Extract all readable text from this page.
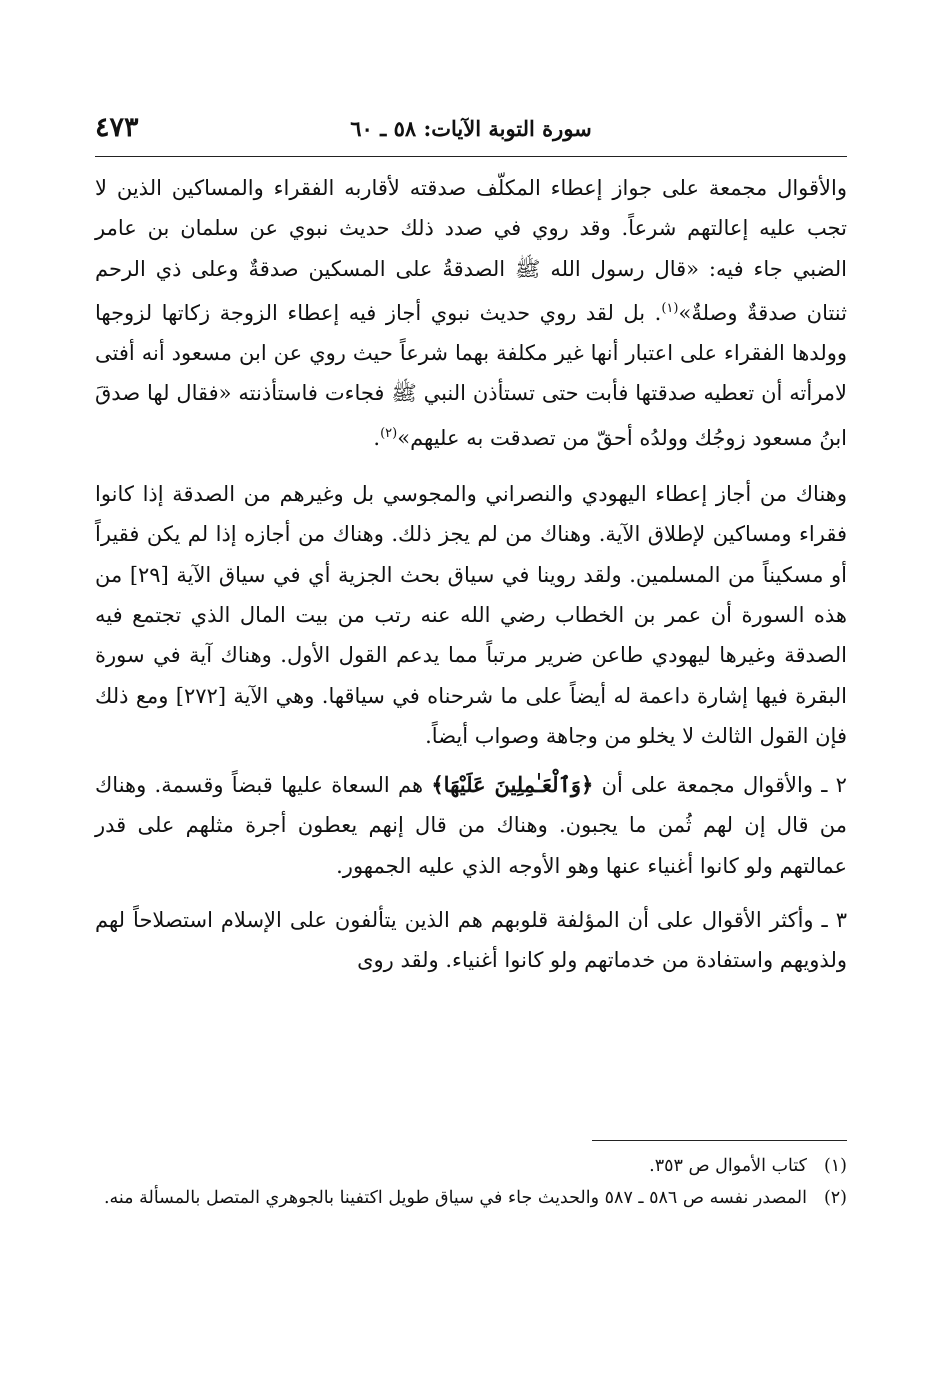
سورة التوبة الآيات: ٥٨ ـ ٦٠
٤٧٣

والأقوال مجمعة على جواز إعطاء المكلّف صدقته لأقاربه الفقراء والمساكين الذين لا تجب عليه إعالتهم شرعاً. وقد روي في صدد ذلك حديث نبوي عن سلمان بن عامر الضبي جاء فيه: «قال رسول الله ﷺ الصدقةُ على المسكين صدقةٌ وعلى ذي الرحم ثنتان صدقةٌ وصلةٌ»$^{(١)}$. بل لقد روي حديث نبوي أجاز فيه إعطاء الزوجة زكاتها لزوجها وولدها الفقراء على اعتبار أنها غير مكلفة بهما شرعاً حيث روي عن ابن مسعود أنه أفتى لامرأته أن تعطيه صدقتها فأبت حتى تستأذن النبي ﷺ فجاءت فاستأذنته «فقال لها صدقَ ابنُ مسعود زوجُك وولدُه أحقّ من تصدقت به عليهم»$^{(٢)}$.

وهناك من أجاز إعطاء اليهودي والنصراني والمجوسي بل وغيرهم من الصدقة إذا كانوا فقراء ومساكين لإطلاق الآية. وهناك من لم يجز ذلك. وهناك من أجازه إذا لم يكن فقيراً أو مسكيناً من المسلمين. ولقد روينا في سياق بحث الجزية أي في سياق الآية [٢٩] من هذه السورة أن عمر بن الخطاب رضي الله عنه رتب من بيت المال الذي تجتمع فيه الصدقة وغيرها ليهودي طاعن ضرير مرتباً مما يدعم القول الأول. وهناك آية في سورة البقرة فيها إشارة داعمة له أيضاً على ما شرحناه في سياقها. وهي الآية [٢٧٢] ومع ذلك فإن القول الثالث لا يخلو من وجاهة وصواب أيضاً.

٢ ـ والأقوال مجمعة على أن ﴿وَٱلْعَـٰمِلِينَ عَلَيْهَا﴾ هم السعاة عليها قبضاً وقسمة. وهناك من قال إن لهم ثُمن ما يجبون. وهناك من قال إنهم يعطون أجرة مثلهم على قدر عمالتهم ولو كانوا أغنياء عنها وهو الأوجه الذي عليه الجمهور.

٣ ـ وأكثر الأقوال على أن المؤلفة قلوبهم هم الذين يتألفون على الإسلام استصلاحاً لهم ولذويهم واستفادة من خدماتهم ولو كانوا أغنياء. ولقد روى

(١)كتاب الأموال ص ٣٥٣.

(٢)المصدر نفسه ص ٥٨٦ ـ ٥٨٧ والحديث جاء في سياق طويل اكتفينا بالجوهري المتصل بالمسألة منه.
